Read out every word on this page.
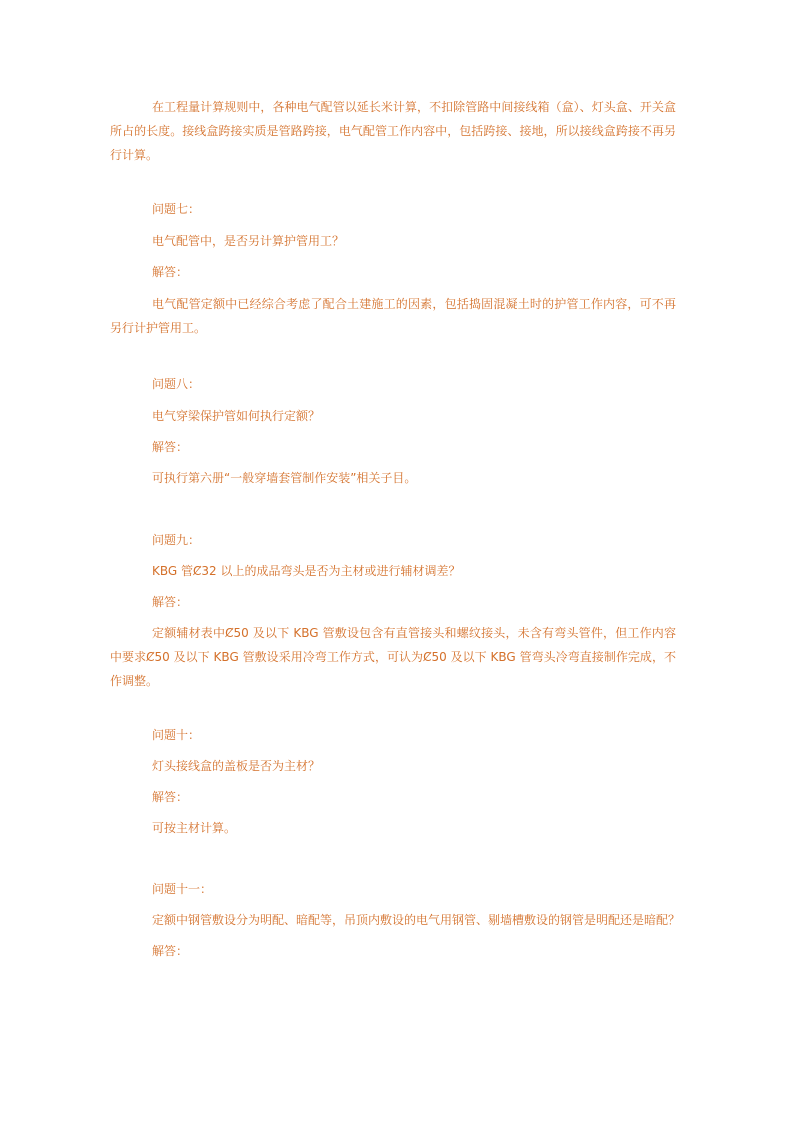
在工程量计算规则中，各种电气配管以延长米计算，不扣除管路中间接线箱（盒）、灯头盒、开关盒所占的长度。接线盒跨接实质是管路跨接，电气配管工作内容中，包括跨接、接地，所以接线盒跨接不再另行计算。

问题七：

电气配管中，是否另计算护管用工？

解答：

电气配管定额中已经综合考虑了配合土建施工的因素，包括捣固混凝土时的护管工作内容，可不再另行计护管用工。

问题八：

电气穿梁保护管如何执行定额？

解答：

可执行第六册“一般穿墙套管制作安装”相关子目。

问题九：

KBG 管Ȼ32 以上的成品弯头是否为主材或进行辅材调差？

解答：

定额辅材表中Ȼ50 及以下 KBG 管敷设包含有直管接头和螺纹接头，未含有弯头管件，但工作内容中要求Ȼ50 及以下 KBG 管敷设采用冷弯工作方式，可认为Ȼ50 及以下 KBG 管弯头冷弯直接制作完成，不作调整。

问题十：

灯头接线盒的盖板是否为主材？

解答：

可按主材计算。

问题十一：

定额中钢管敷设分为明配、暗配等，吊顶内敷设的电气用钢管、剔墙槽敷设的钢管是明配还是暗配？

解答：
